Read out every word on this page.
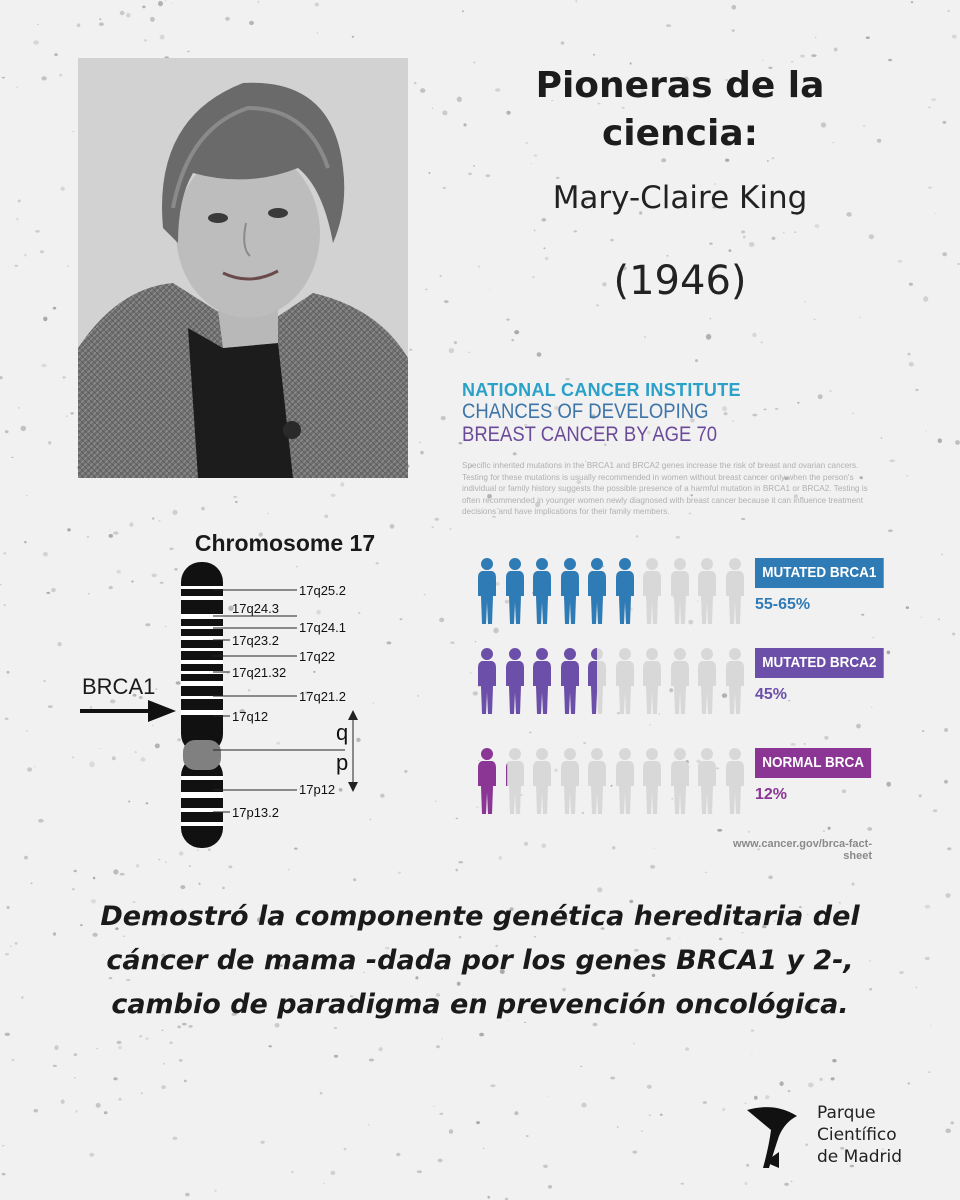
Pioneras de la ciencia:
Mary-Claire King
(1946)
Chromosome 17
BRCA1
17q25.2
17q24.3
17q24.1
17q23.2
17q22
17q21.32
17q21.2
17q12
q
p
17p12
17p13.2
NATIONAL CANCER INSTITUTE
CHANCES OF DEVELOPING
BREAST CANCER BY AGE 70
Specific inherited mutations in the BRCA1 and BRCA2 genes increase the risk of breast and ovarian cancers. Testing for these mutations is usually recommended in women without breast cancer only when the person's individual or family history suggests the possible presence of a harmful mutation in BRCA1 or BRCA2. Testing is often recommended in younger women newly diagnosed with breast cancer because it can influence treatment decisions and have implications for their family members.
MUTATED BRCA1
55-65%
MUTATED BRCA2
45%
NORMAL BRCA
12%
www.cancer.gov/brca-fact-sheet
Demostró la componente genética hereditaria del cáncer de mama -dada por los genes BRCA1 y 2-, cambio de paradigma en prevención oncológica.
Parque
Científico
de Madrid
